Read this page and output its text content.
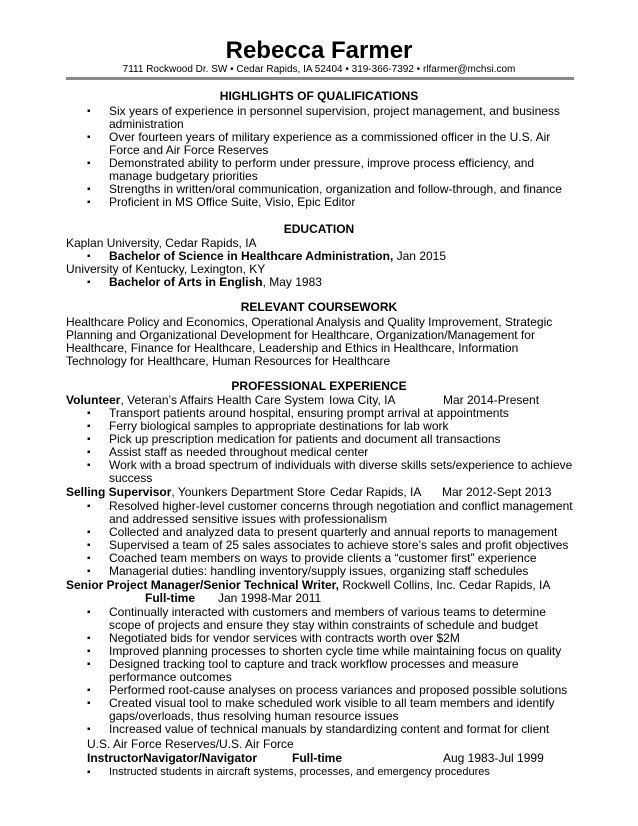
Rebecca Farmer
7111 Rockwood Dr. SW • Cedar Rapids, IA 52404 • 319-366-7392 • rlfarmer@mchsi.com
HIGHLIGHTS OF QUALIFICATIONS
▪ Six years of experience in personnel supervision, project management, and business administration
▪ Over fourteen years of military experience as a commissioned officer in the U.S. Air Force and Air Force Reserves
▪ Demonstrated ability to perform under pressure, improve process efficiency, and manage budgetary priorities
▪ Strengths in written/oral communication, organization and follow-through, and finance
▪ Proficient in MS Office Suite, Visio, Epic Editor
EDUCATION
Kaplan University, Cedar Rapids, IA
▪ Bachelor of Science in Healthcare Administration, Jan 2015
University of Kentucky, Lexington, KY
▪ Bachelor of Arts in English, May 1983
RELEVANT COURSEWORK
Healthcare Policy and Economics, Operational Analysis and Quality Improvement, Strategic Planning and Organizational Development for Healthcare, Organization/Management for Healthcare, Finance for Healthcare, Leadership and Ethics in Healthcare, Information Technology for Healthcare, Human Resources for Healthcare
PROFESSIONAL EXPERIENCE
Volunteer, Veteran’s Affairs Health Care System Iowa City, IA	Mar 2014-Present
▪ Transport patients around hospital, ensuring prompt arrival at appointments
▪ Ferry biological samples to appropriate destinations for lab work
▪ Pick up prescription medication for patients and document all transactions
▪ Assist staff as needed throughout medical center
▪ Work with a broad spectrum of individuals with diverse skills sets/experience to achieve success
Selling Supervisor, Younkers Department Store Cedar Rapids, IA Mar 2012-Sept 2013
▪ Resolved higher-level customer concerns through negotiation and conflict management and addressed sensitive issues with professionalism
▪ Collected and analyzed data to present quarterly and annual reports to management
▪ Supervised a team of 25 sales associates to achieve store’s sales and profit objectives
▪ Coached team members on ways to provide clients a “customer first” experience
▪ Managerial duties: handling inventory/supply issues, organizing staff schedules
Senior Project Manager/Senior Technical Writer, Rockwell Collins, Inc. Cedar Rapids, IA
Full-time Jan 1998-Mar 2011
▪ Continually interacted with customers and members of various teams to determine scope of projects and ensure they stay within constraints of schedule and budget
▪ Negotiated bids for vendor services with contracts worth over $2M
▪ Improved planning processes to shorten cycle time while maintaining focus on quality
▪ Designed tracking tool to capture and track workflow processes and measure performance outcomes
▪ Performed root-cause analyses on process variances and proposed possible solutions
▪ Created visual tool to make scheduled work visible to all team members and identify gaps/overloads, thus resolving human resource issues
▪ Increased value of technical manuals by standardizing content and format for client
U.S. Air Force Reserves/U.S. Air Force
InstructorNavigator/Navigator	Full-time	Aug 1983-Jul 1999
▪ Instructed students in aircraft systems, processes, and emergency procedures
